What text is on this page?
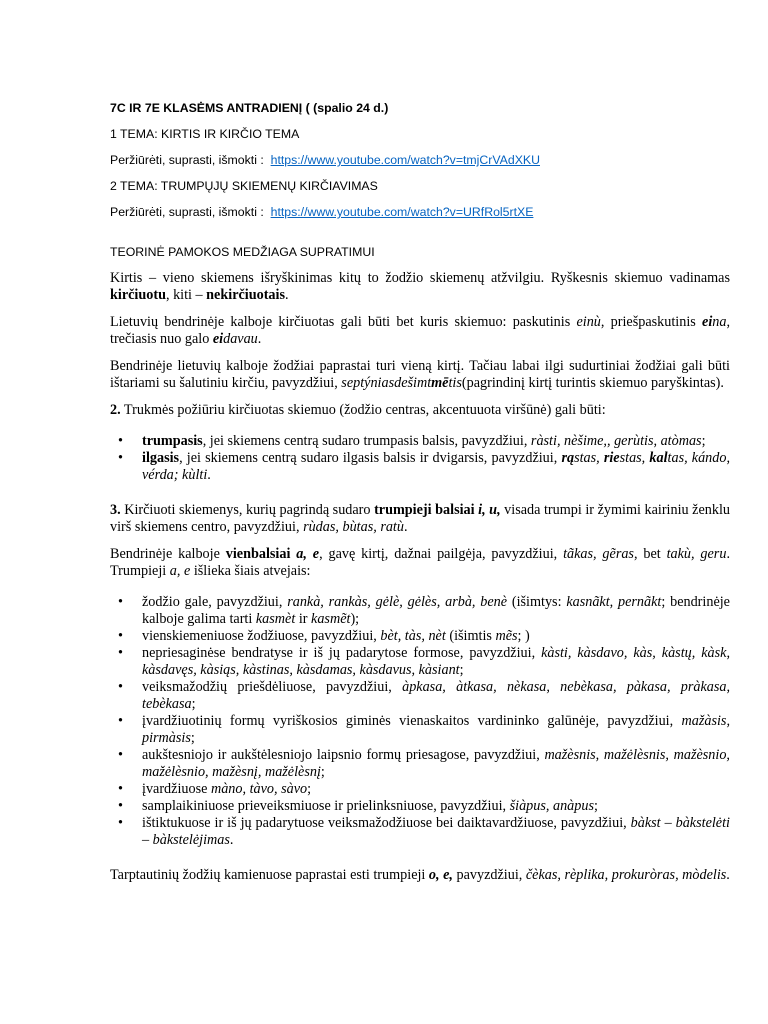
7C IR 7E KLASĖMS ANTRADIENĮ ( (spalio 24 d.)
1 TEMA: KIRTIS IR KIRČIO TEMA
Peržiūrėti, suprasti, išmokti : https://www.youtube.com/watch?v=tmjCrVAdXKU
2 TEMA: TRUMPŲJŲ SKIEMENŲ KIRČIAVIMAS
Peržiūrėti, suprasti, išmokti : https://www.youtube.com/watch?v=URfRol5rtXE
TEORINĖ PAMOKOS MEDŽIAGA SUPRATIMUI

Kirtis – vieno skiemens išryškinimas kitų to žodžio skiemenų atžvilgiu. Ryškesnis skiemuo vadinamas kirčiuotu, kiti – nekirčiuotais.

Lietuvių bendrinėje kalboje kirčiuotas gali būti bet kuris skiemuo: paskutinis einù, priešpaskutinis eina, trečiasis nuo galo eidavau.

Bendrinėje lietuvių kalboje žodžiai paprastai turi vieną kirtį. Tačiau labai ilgi sudurtiniai žodžiai gali būti ištariami su šalutiniu kirčiu, pavyzdžiui, septýniasdešimtmētis(pagrindinį kirtį turintis skiemuo paryškintas).

2. Trukmės požiūriu kirčiuotas skiemuo (žodžio centras, akcentuuota viršūnė) gali būti:

• trumpasis, jei skiemens centrą sudaro trumpasis balsis, pavyzdžiui, ràsti, nèšime,, gerùtis, atòmas;
• ilgasis, jei skiemens centrą sudaro ilgasis balsis ir dvigarsis, pavyzdžiui, rąstas, riestas, kaltas, kándo, vérda; kùlti.

3. Kirčiuoti skiemenys, kurių pagrindą sudaro trumpieji balsiai i, u, visada trumpi ir žymimi kairiniu ženklu virš skiemens centro, pavyzdžiui, rùdas, bùtas, ratù.

Bendrinėje kalboje vienbalsiai a, e, gavę kirtį, dažnai pailgėja, pavyzdžiui, tãkas, gẽras, bet takù, geru. Trumpieji a, e išlieka šiais atvejais:

• žodžio gale, pavyzdžiui, rankà, rankàs, gėlè, gėlès, arbà, benè (išimtys: kasnãkt, pernãkt; bendrinėje kalboje galima tarti kasmèt ir kasmẽt);
• vienskiemeniuose žodžiuose, pavyzdžiui, bèt, tàs, nèt (išimtis mẽs; )
• nepriesaginėse bendratyse ir iš jų padarytose formose, pavyzdžiui, kàsti, kàsdavo, kàs, kàstų, kàsk, kàsdavęs, kàsiąs, kàstinas, kàsdamas, kàsdavus, kàsiant;
• veiksmažodžių priešdėliuose, pavyzdžiui, àpkasa, àtkasa, nèkasa, nebèkasa, pàkasa, pràkasa, tebèkasa;
• įvardžiuotinių formų vyriškosios giminės vienaskaitos vardininko galūnėje, pavyzdžiui, mažàsis, pirmàsis;
• aukštesniojo ir aukštėlesniojo laipsnio formų priesagose, pavyzdžiui, mažèsnis, mažėlèsnis, mažèsnio, mažėlèsnio, mažèsnį, mažėlèsnį;
• įvardžiuose màno, tàvo, sàvo;
• samplaikiniuose prieveiksmiuose ir prielinksniuose, pavyzdžiui, šiàpus, anàpus;
• ištiktukuose ir iš jų padarytuose veiksmažodžiuose bei daiktavardžiuose, pavyzdžiui, bàkst – bàkstelėti – bàkstelėjimas.

Tarptautinių žodžių kamienuose paprastai esti trumpieji o, e, pavyzdžiui, čèkas, rèplika, prokuròras, mòdelis.
